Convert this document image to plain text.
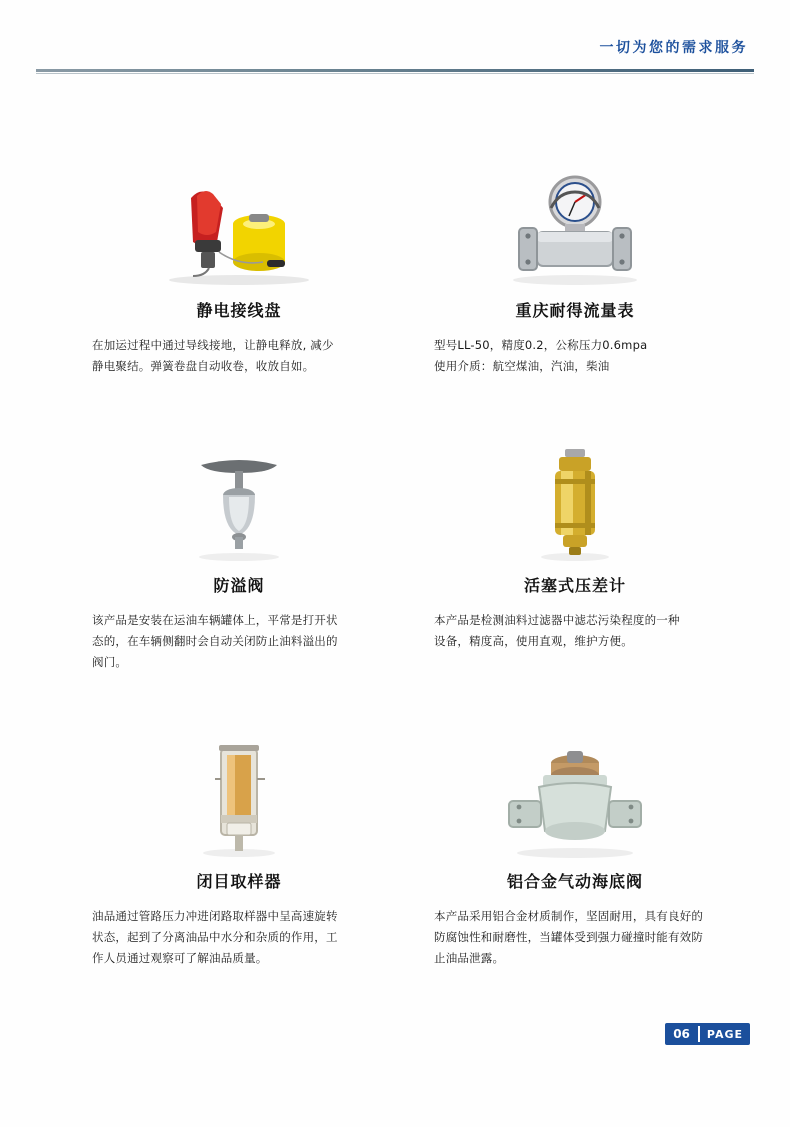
一切为您的需求服务
静电接线盘
在加运过程中通过导线接地，让静电释放, 减少
静电聚结。弹簧卷盘自动收卷，收放自如。
重庆耐得流量表
型号LL-50，精度0.2，公称压力0.6mpa
使用介质：航空煤油，汽油，柴油
防溢阀
该产品是安装在运油车辆罐体上，平常是打开状
态的，在车辆侧翻时会自动关闭防止油料溢出的
阀门。
活塞式压差计
本产品是检测油料过滤器中滤芯污染程度的一种
设备，精度高，使用直观，维护方便。
闭目取样器
油品通过管路压力冲进闭路取样器中呈高速旋转
状态，起到了分离油品中水分和杂质的作用，工
作人员通过观察可了解油品质量。
铝合金气动海底阀
本产品采用铝合金材质制作，坚固耐用，具有良好的
防腐蚀性和耐磨性，当罐体受到强力碰撞时能有效防
止油品泄露。
06	PAGE
